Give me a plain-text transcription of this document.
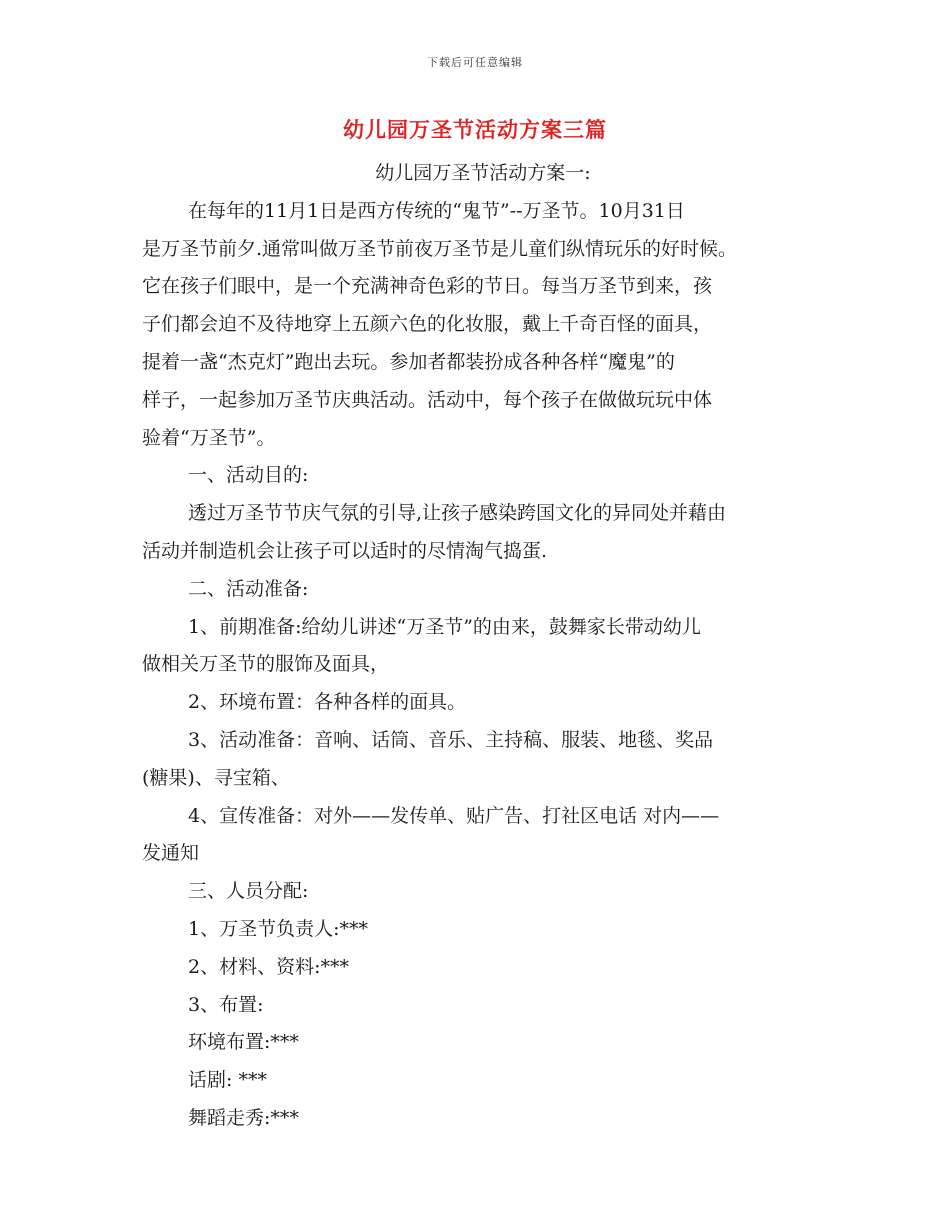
下载后可任意编辑
幼儿园万圣节活动方案三篇
幼儿园万圣节活动方案一:
在每年的11月1日是西方传统的“鬼节”--万圣节。10月31日
是万圣节前夕.通常叫做万圣节前夜万圣节是儿童们纵情玩乐的好时候。
它在孩子们眼中，是一个充满神奇色彩的节日。每当万圣节到来，孩
子们都会迫不及待地穿上五颜六色的化妆服，戴上千奇百怪的面具，
提着一盏“杰克灯”跑出去玩。参加者都装扮成各种各样“魔鬼”的
样子，一起参加万圣节庆典活动。活动中，每个孩子在做做玩玩中体
验着“万圣节”。
一、活动目的:
透过万圣节节庆气氛的引导,让孩子感染跨国文化的异同处并藉由
活动并制造机会让孩子可以适时的尽情淘气捣蛋.
二、活动准备:
1、前期准备:给幼儿讲述“万圣节”的由来，鼓舞家长带动幼儿
做相关万圣节的服饰及面具，
2、环境布置：各种各样的面具。
3、活动准备：音响、话筒、音乐、主持稿、服装、地毯、奖品
(糖果)、寻宝箱、
4、宣传准备：对外——发传单、贴广告、打社区电话 对内——
发通知
三、人员分配:
1、万圣节负责人:***
2、材料、资料:***
3、布置:
环境布置:***
话剧: ***
舞蹈走秀:***
